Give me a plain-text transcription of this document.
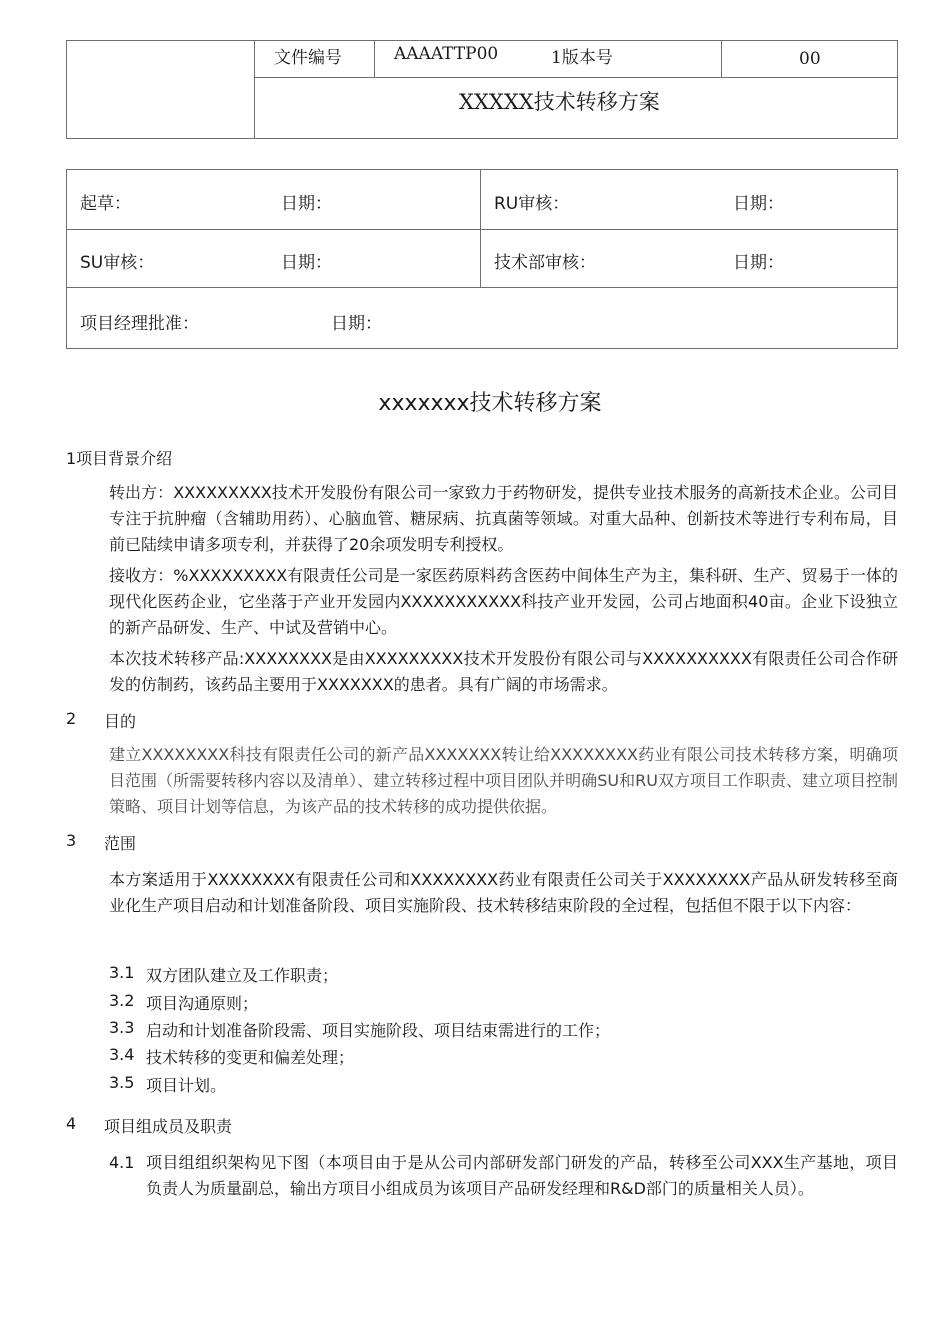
文件编号	AAAATTP00	1版本号	00
XXXXX技术转移方案
起草：	日期：	RU审核：	日期：
SU审核：	日期：	技术部审核：	日期：
项目经理批准：	日期：
xxxxxxx技术转移方案
1项目背景介绍
转出方：XXXXXXXXX技术开发股份有限公司一家致力于药物研发，提供专业技术服务的高新技术企业。公司目专注于抗肿瘤（含辅助用药）、心脑血管、糖尿病、抗真菌等领域。对重大品种、创新技术等进行专利布局，目前已陆续申请多项专利，并获得了20余项发明专利授权。
接收方：%XXXXXXXXX有限责任公司是一家医药原料药含医药中间体生产为主，集科研、生产、贸易于一体的现代化医药企业，它坐落于产业开发园内XXXXXXXXXXX科技产业开发园，公司占地面积40亩。企业下设独立的新产品研发、生产、中试及营销中心。
本次技术转移产品:XXXXXXXX是由XXXXXXXXX技术开发股份有限公司与XXXXXXXXXX有限责任公司合作研发的仿制药，该药品主要用于XXXXXXX的患者。具有广阔的市场需求。
2 目的
建立XXXXXXXX科技有限责任公司的新产品XXXXXXX转让给XXXXXXXX药业有限公司技术转移方案，明确项目范围（所需要转移内容以及清单）、建立转移过程中项目团队并明确SU和RU双方项目工作职责、建立项目控制策略、项目计划等信息，为该产品的技术转移的成功提供依据。
3 范围
本方案适用于XXXXXXXX有限责任公司和XXXXXXXX药业有限责任公司关于XXXXXXXX产品从研发转移至商业化生产项目启动和计划准备阶段、项目实施阶段、技术转移结束阶段的全过程，包括但不限于以下内容：
3.1 双方团队建立及工作职责；
3.2 项目沟通原则；
3.3 启动和计划准备阶段需、项目实施阶段、项目结束需进行的工作；
3.4 技术转移的变更和偏差处理；
3.5 项目计划。
4 项目组成员及职责
4.1 项目组组织架构见下图（本项目由于是从公司内部研发部门研发的产品，转移至公司XXX生产基地，项目负责人为质量副总，输出方项目小组成员为该项目产品研发经理和R&D部门的质量相关人员）。
